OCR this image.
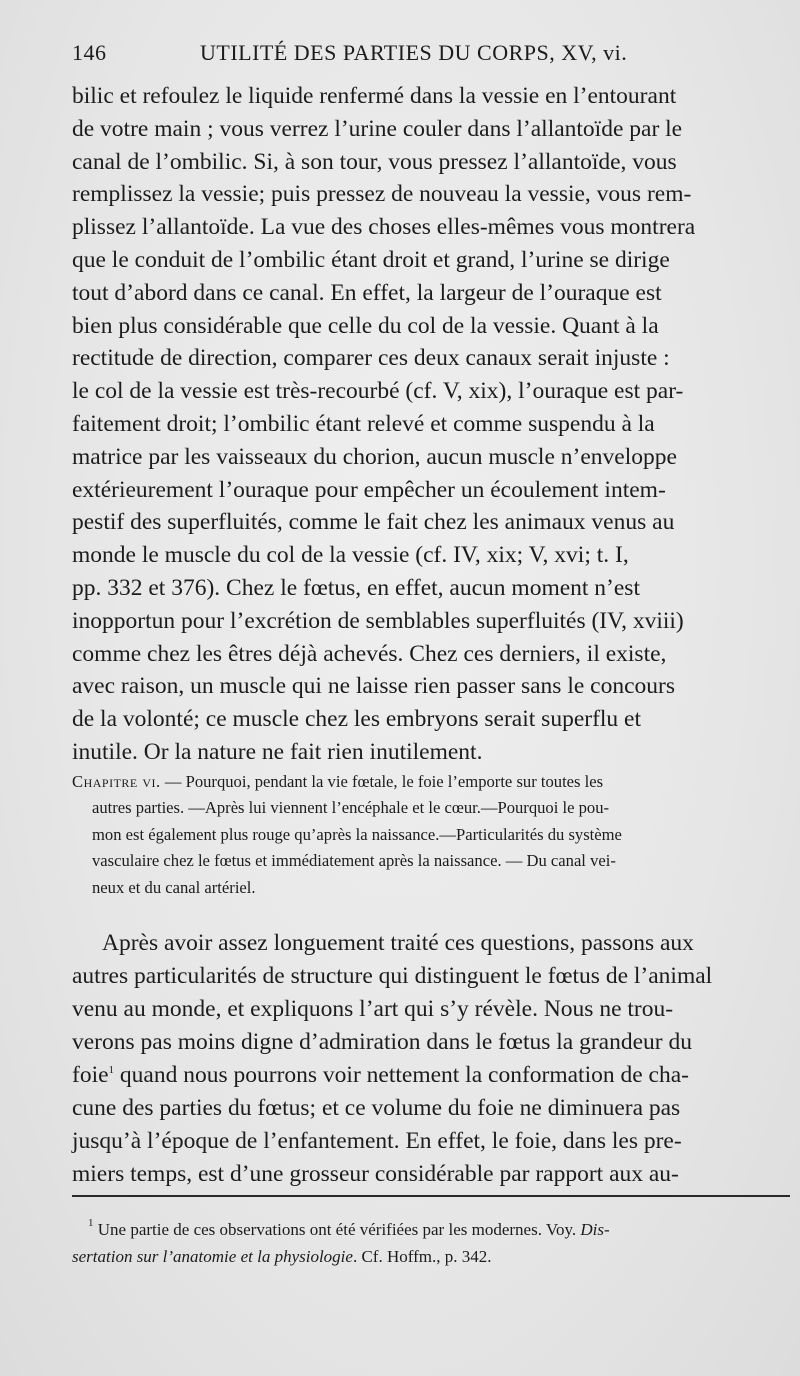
146	UTILITÉ DES PARTIES DU CORPS, XV, vi.
bilic et refoulez le liquide renfermé dans la vessie en l’entourant
de votre main ; vous verrez l’urine couler dans l’allantoïde par le
canal de l’ombilic. Si, à son tour, vous pressez l’allantoïde, vous
remplissez la vessie; puis pressez de nouveau la vessie, vous rem-
plissez l’allantoïde. La vue des choses elles-mêmes vous montrera
que le conduit de l’ombilic étant droit et grand, l’urine se dirige
tout d’abord dans ce canal. En effet, la largeur de l’ouraque est
bien plus considérable que celle du col de la vessie. Quant à la
rectitude de direction, comparer ces deux canaux serait injuste :
le col de la vessie est très-recourbé (cf. V, xix), l’ouraque est par-
faitement droit; l’ombilic étant relevé et comme suspendu à la
matrice par les vaisseaux du chorion, aucun muscle n’enveloppe
extérieurement l’ouraque pour empêcher un écoulement intem-
pestif des superfluités, comme le fait chez les animaux venus au
monde le muscle du col de la vessie (cf. IV, xix; V, xvi; t. I,
pp. 332 et 376). Chez le fœtus, en effet, aucun moment n’est
inopportun pour l’excrétion de semblables superfluités (IV, xviii)
comme chez les êtres déjà achevés. Chez ces derniers, il existe,
avec raison, un muscle qui ne laisse rien passer sans le concours
de la volonté; ce muscle chez les embryons serait superflu et
inutile. Or la nature ne fait rien inutilement.
Chapitre vi. — Pourquoi, pendant la vie fœtale, le foie l’emporte sur toutes les
autres parties. —Après lui viennent l’encéphale et le cœur.—Pourquoi le pou-
mon est également plus rouge qu’après la naissance.—Particularités du système
vasculaire chez le fœtus et immédiatement après la naissance. — Du canal vei-
neux et du canal artériel.
Après avoir assez longuement traité ces questions, passons aux
autres particularités de structure qui distinguent le fœtus de l’animal
venu au monde, et expliquons l’art qui s’y révèle. Nous ne trou-
verons pas moins digne d’admiration dans le fœtus la grandeur du
foie$^1$ quand nous pourrons voir nettement la conformation de cha-
cune des parties du fœtus; et ce volume du foie ne diminuera pas
jusqu’à l’époque de l’enfantement. En effet, le foie, dans les pre-
miers temps, est d’une grosseur considérable par rapport aux au-
$^1$ Une partie de ces observations ont été vérifiées par les modernes. Voy. Dis-
sertation sur l’anatomie et la physiologie. Cf. Hoffm., p. 342.
